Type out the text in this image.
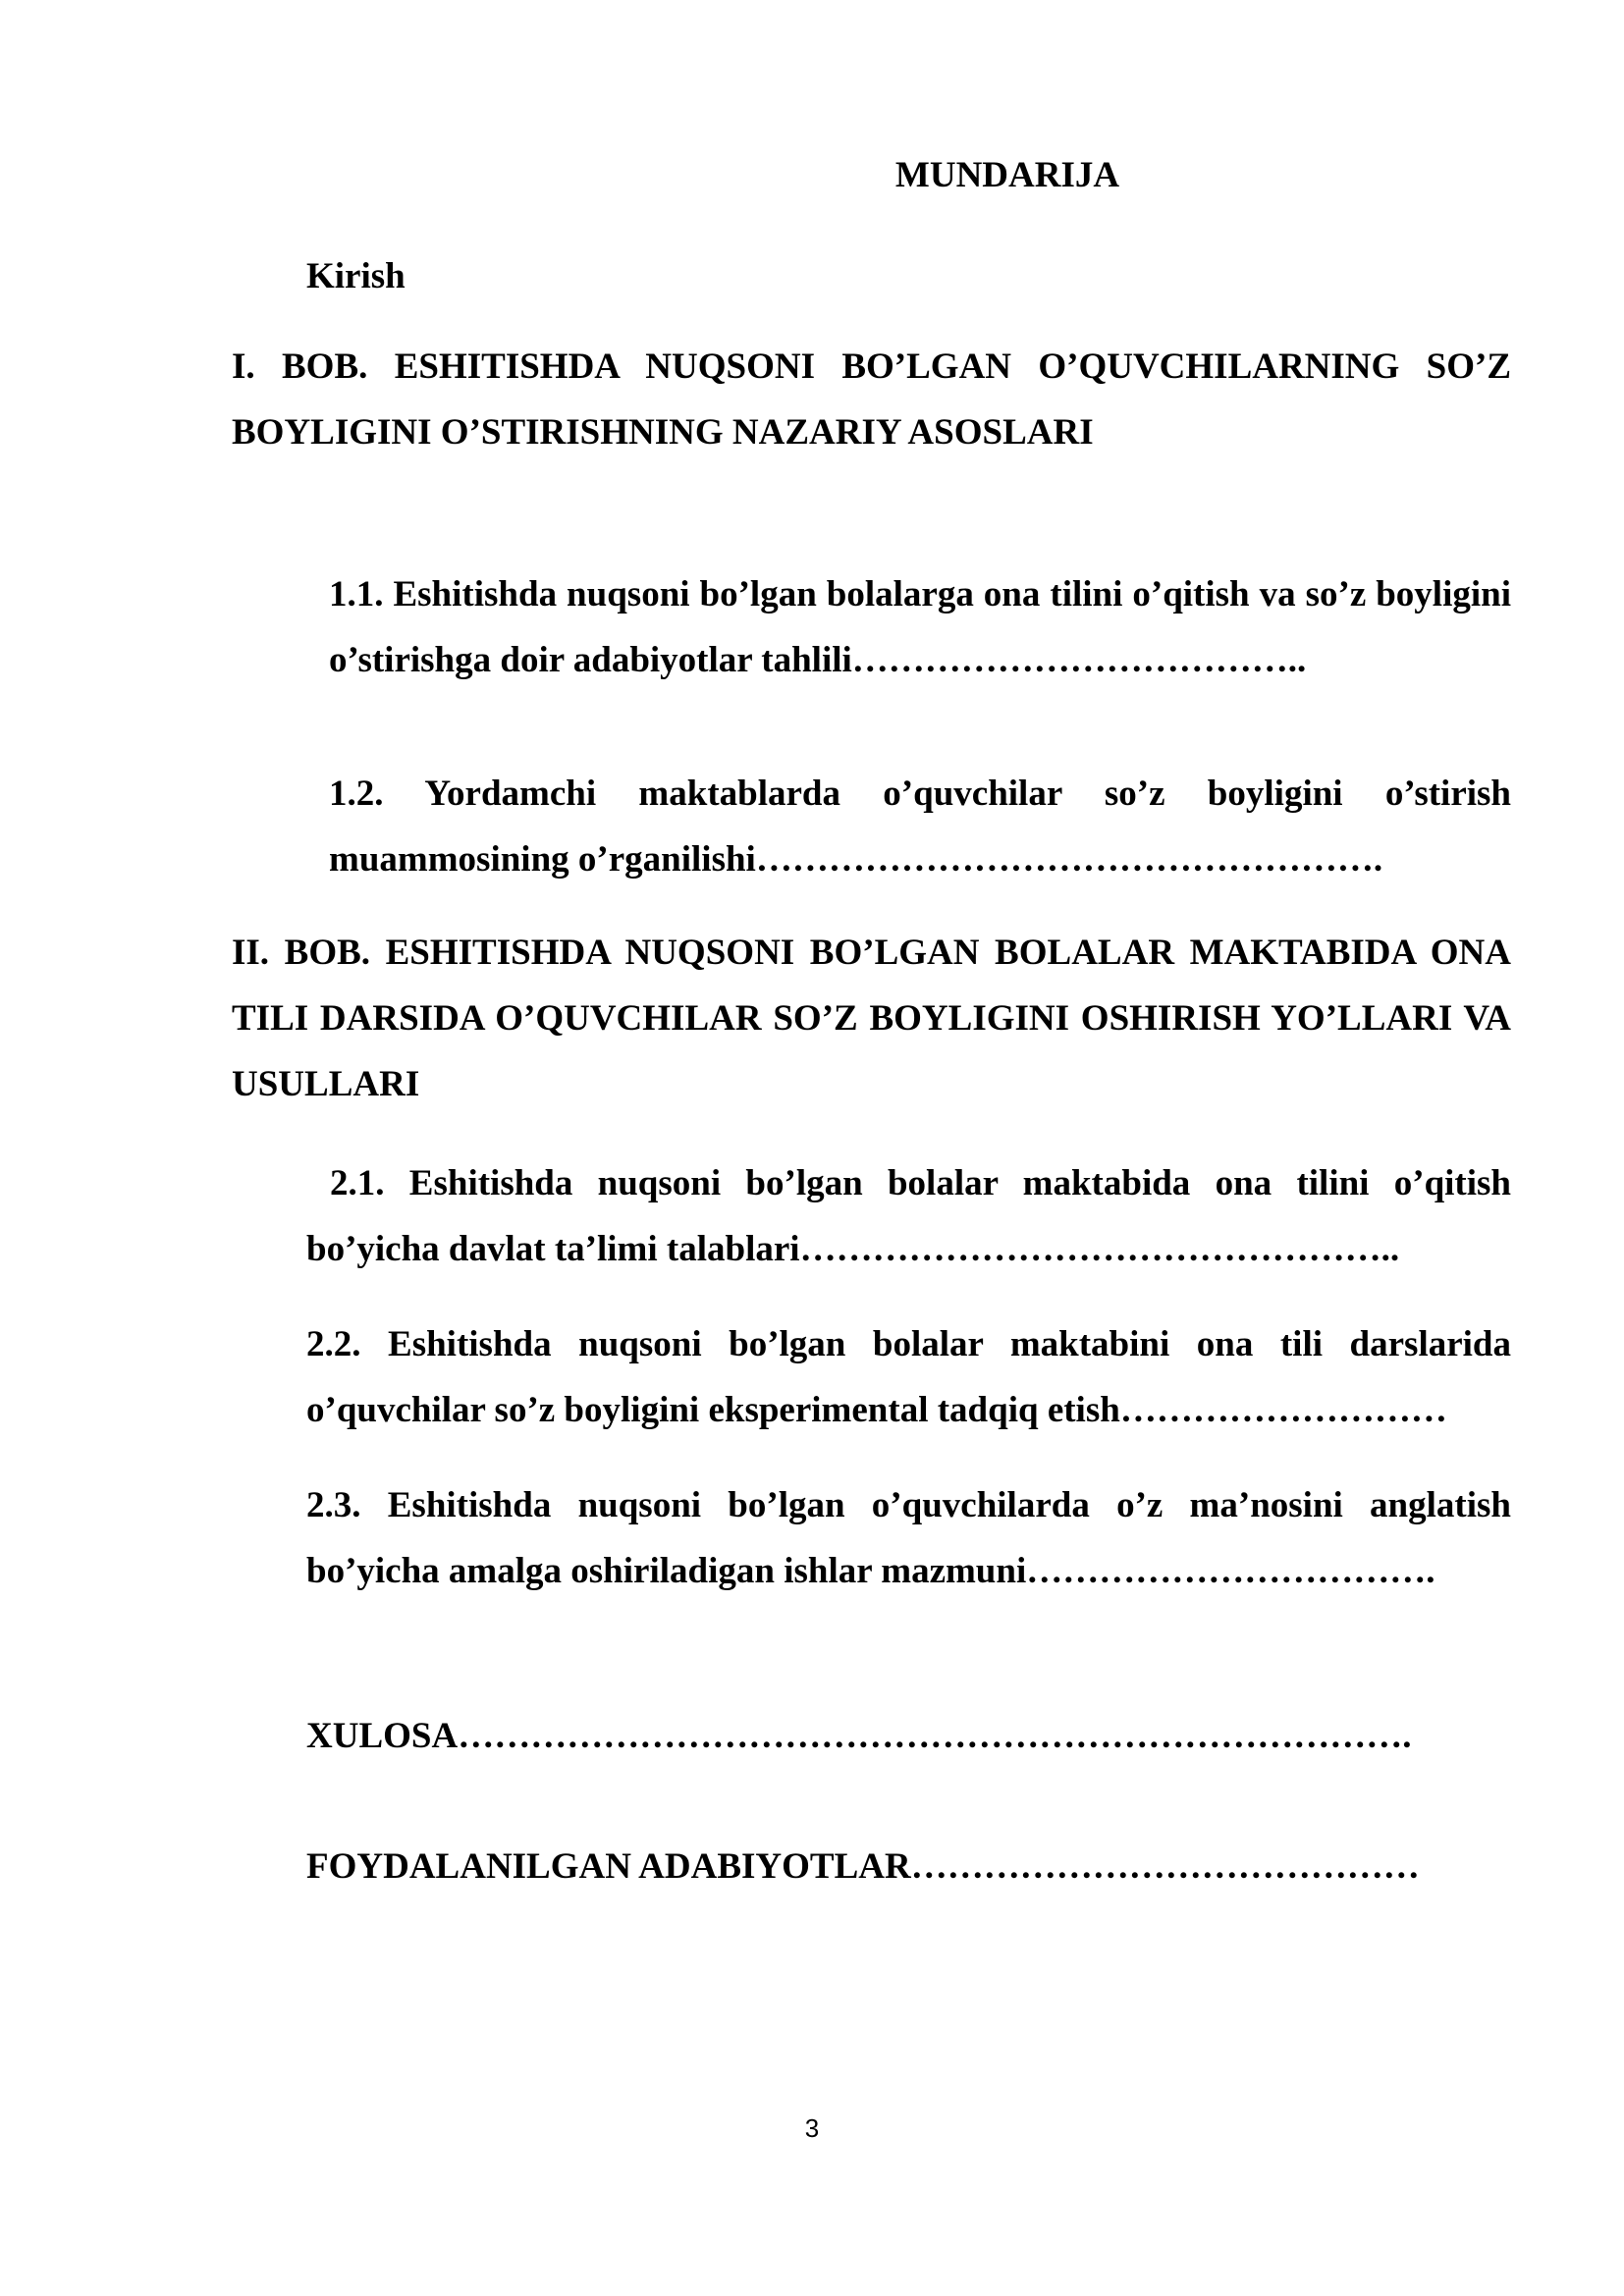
MUNDARIJA

Kirish

I. BOB. ESHITISHDA NUQSONI BO’LGAN O’QUVCHILARNING SO’Z BOYLIGINI O’STIRISHNING NAZARIY ASOSLARI

1.1. Eshitishda nuqsoni bo’lgan bolalarga ona tilini o’qitish va so’z boyligini o’stirishga doir adabiyotlar tahlili………………………………..

1.2. Yordamchi maktablarda o’quvchilar so’z boyligini o’stirish muammosining o’rganilishi…………………………………………….

II. BOB. ESHITISHDA NUQSONI BO’LGAN BOLALAR MAKTABIDA ONA TILI DARSIDA O’QUVCHILAR SO’Z BOYLIGINI OSHIRISH YO’LLARI VA USULLARI

2.1. Eshitishda nuqsoni bo’lgan bolalar maktabida ona tilini o’qitish bo’yicha davlat ta’limi talablari…………………………………………..

2.2. Eshitishda nuqsoni bo’lgan bolalar maktabini ona tili darslarida o’quvchilar so’z boyligini eksperimental tadqiq etish………………………

2.3. Eshitishda nuqsoni bo’lgan o’quvchilarda o’z ma’nosini anglatish bo’yicha amalga oshiriladigan ishlar mazmuni…………………………….

XULOSA…………………………………………………………………….

FOYDALANILGAN ADABIYOTLAR……………………………………

3
